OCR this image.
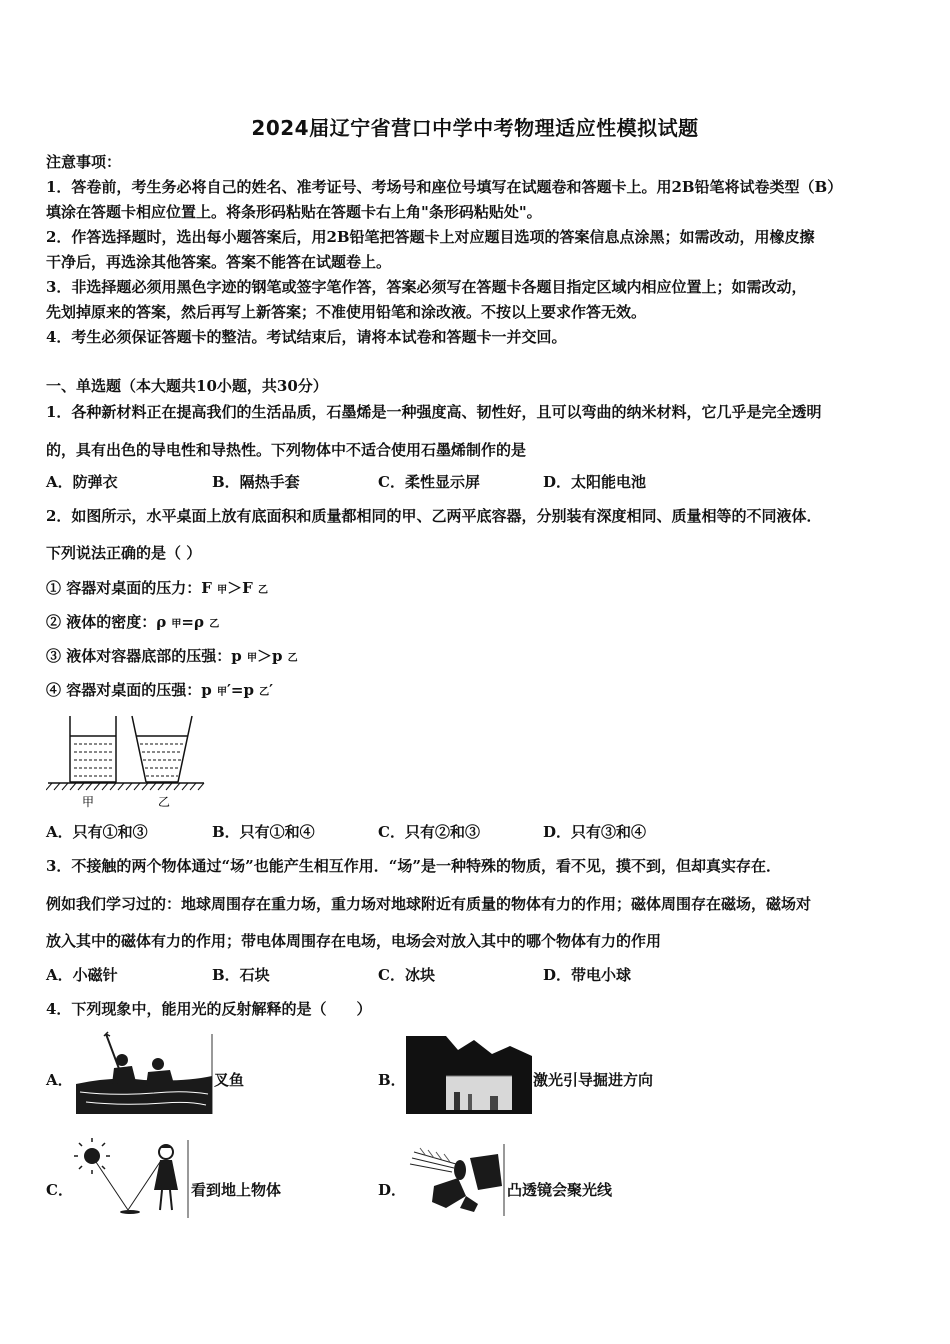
2024届辽宁省营口中学中考物理适应性模拟试题
注意事项：
1．答卷前，考生务必将自己的姓名、准考证号、考场号和座位号填写在试题卷和答题卡上。用2B铅笔将试卷类型（B）
填涂在答题卡相应位置上。将条形码粘贴在答题卡右上角"条形码粘贴处"。
2．作答选择题时，选出每小题答案后，用2B铅笔把答题卡上对应题目选项的答案信息点涂黑；如需改动，用橡皮擦
干净后，再选涂其他答案。答案不能答在试题卷上。
3．非选择题必须用黑色字迹的钢笔或签字笔作答，答案必须写在答题卡各题目指定区域内相应位置上；如需改动，
先划掉原来的答案，然后再写上新答案；不准使用铅笔和涂改液。不按以上要求作答无效。
4．考生必须保证答题卡的整洁。考试结束后，请将本试卷和答题卡一并交回。
一、单选题（本大题共10小题，共30分）
1．各种新材料正在提高我们的生活品质，石墨烯是一种强度高、韧性好，且可以弯曲的纳米材料，它几乎是完全透明
的，具有出色的导电性和导热性。下列物体中不适合使用石墨烯制作的是
A．防弹衣	B．隔热手套	C．柔性显示屏	D．太阳能电池
2．如图所示，水平桌面上放有底面积和质量都相同的甲、乙两平底容器，分别装有深度相同、质量相等的不同液体．
下列说法正确的是（ ）
① 容器对桌面的压力：F 甲＞F 乙
② 液体的密度：ρ 甲=ρ 乙
③ 液体对容器底部的压强：p 甲＞p 乙
④ 容器对桌面的压强：p 甲′=p 乙′
甲	乙
A．只有①和③	B．只有①和④	C．只有②和③	D．只有③和④
3．不接触的两个物体通过“场”也能产生相互作用．“场”是一种特殊的物质，看不见，摸不到，但却真实存在．
例如我们学习过的：地球周围存在重力场，重力场对地球附近有质量的物体有力的作用；磁体周围存在磁场，磁场对
放入其中的磁体有力的作用；带电体周围存在电场，电场会对放入其中的哪个物体有力的作用
A．小磁针	B．石块	C．冰块	D．带电小球
4．下列现象中，能用光的反射解释的是（　　）
A．	叉鱼	B．	激光引导掘进方向
C．	看到地上物体	D．	凸透镜会聚光线
